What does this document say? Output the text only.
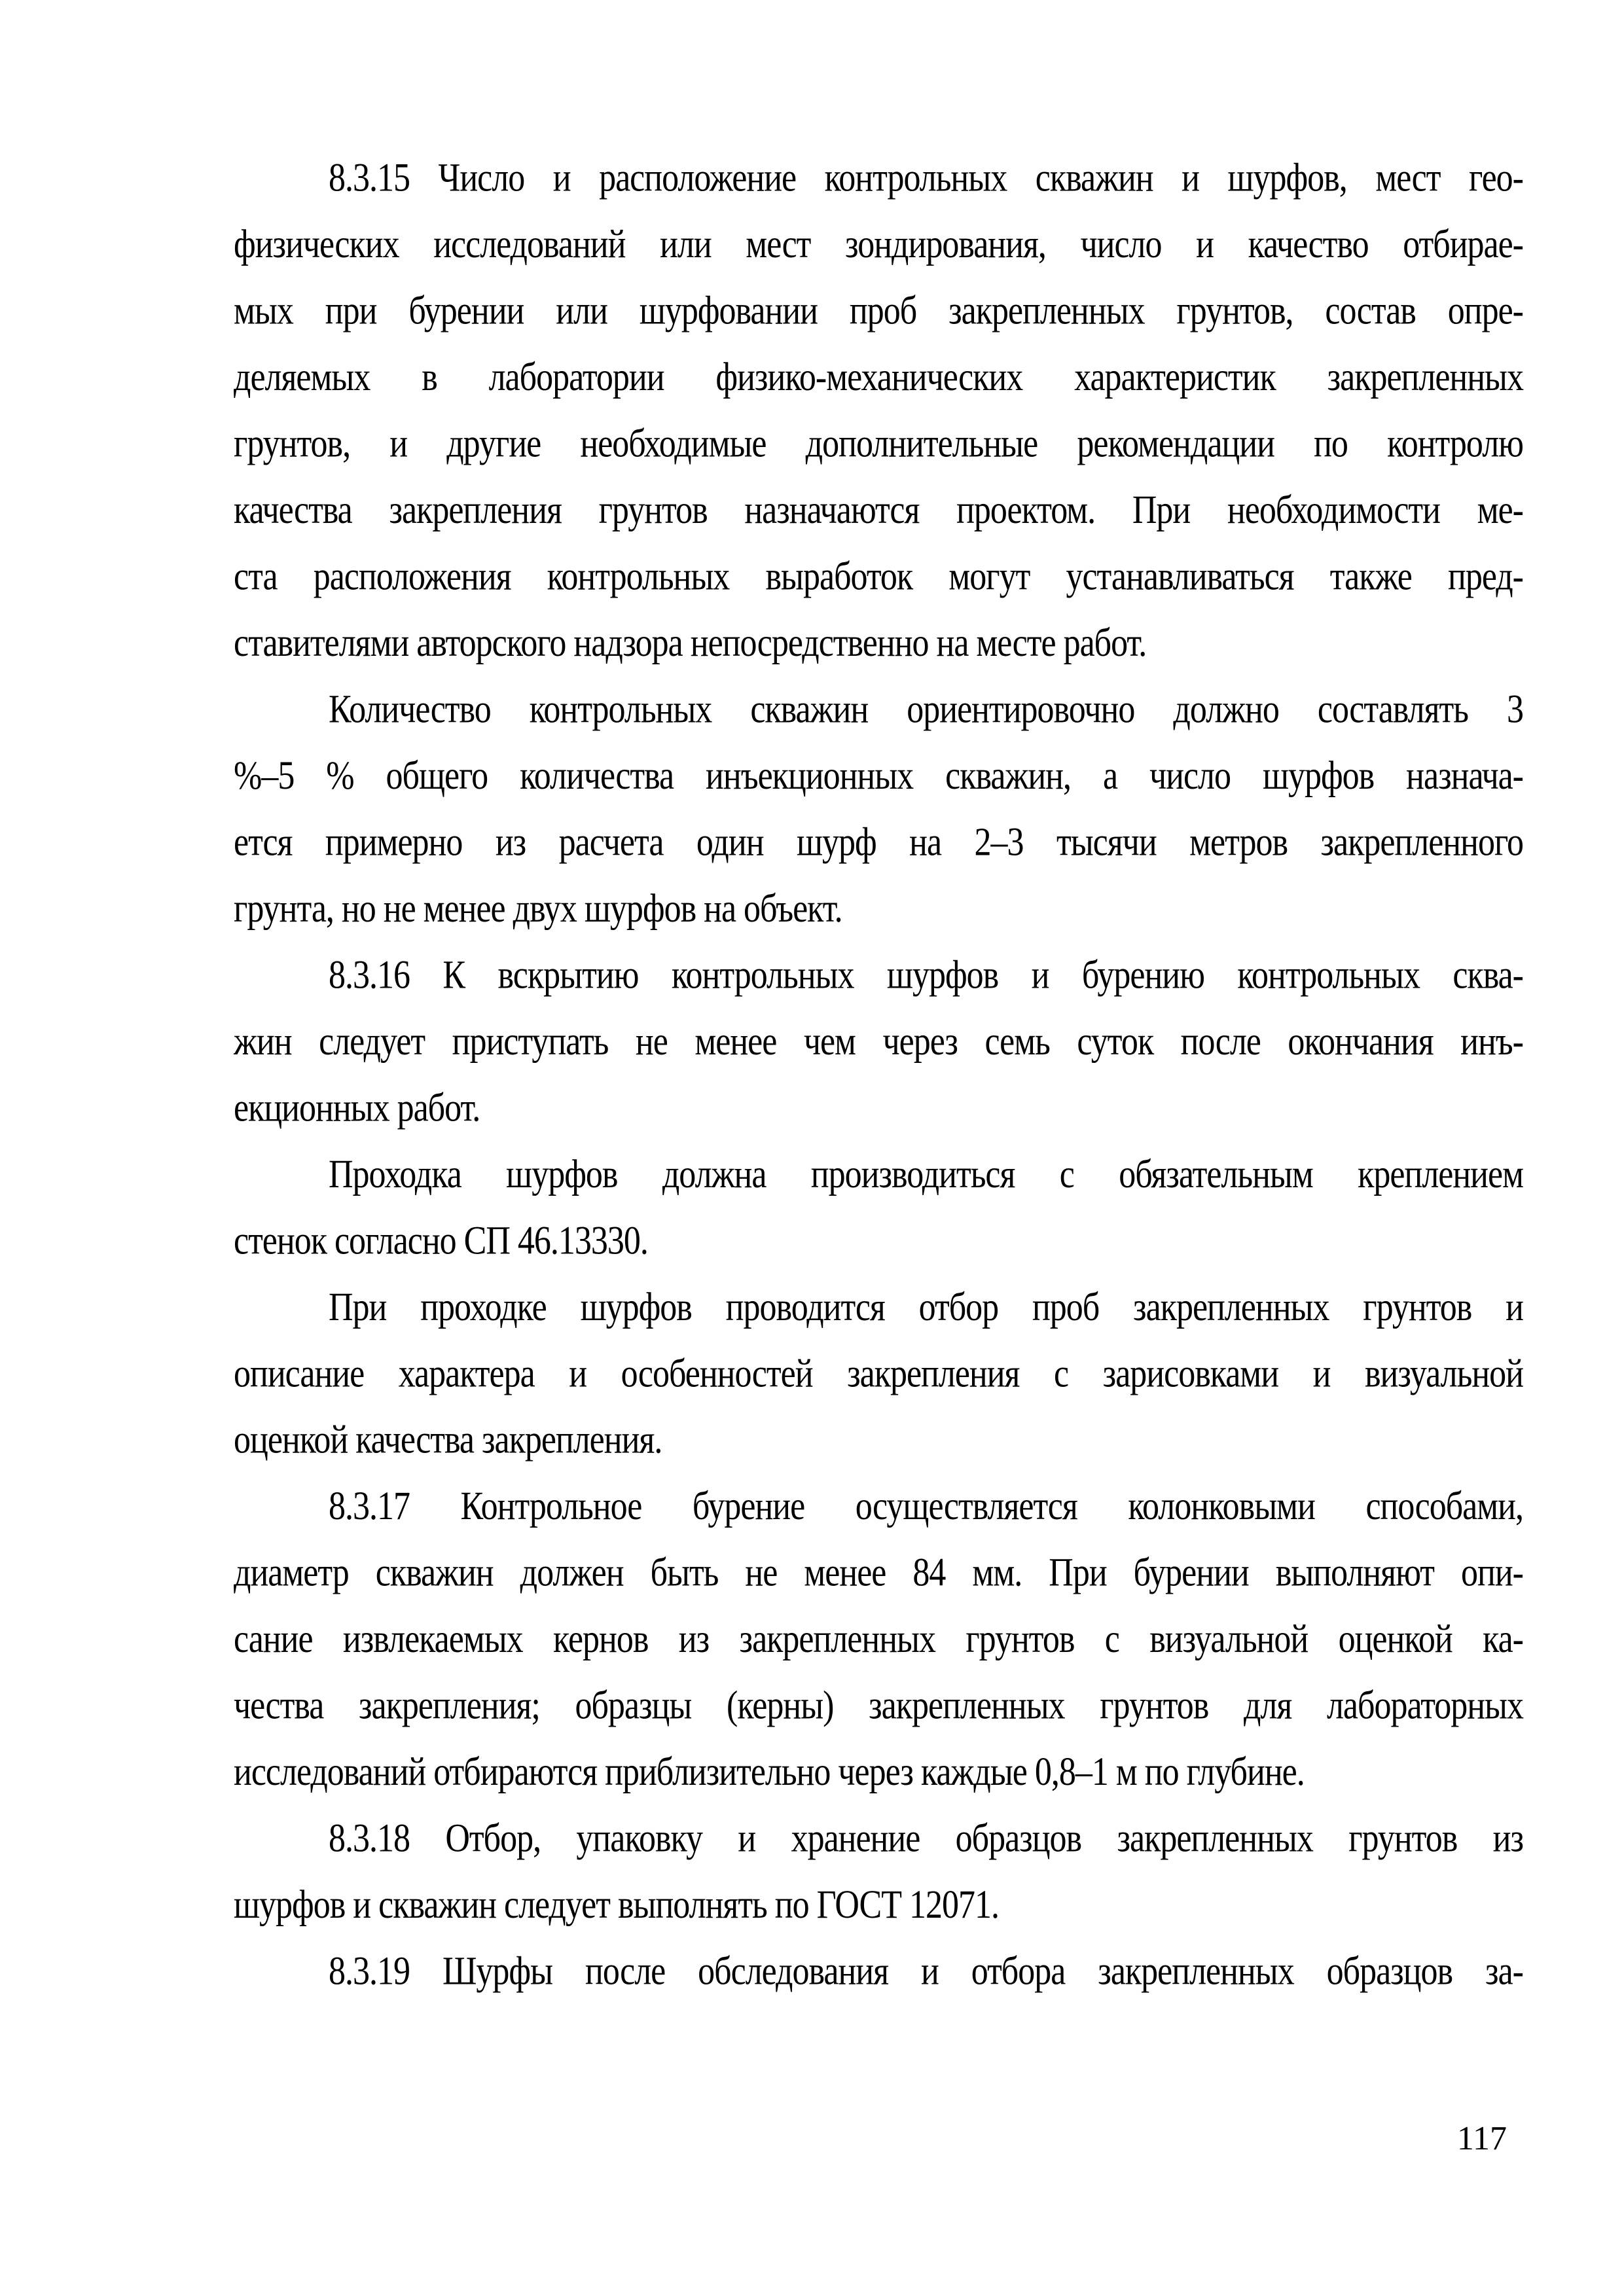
8.3.15 Число и расположение контрольных скважин и шурфов, мест гео-
физических исследований или мест зондирования, число и качество отбирае-
мых при бурении или шурфовании проб закрепленных грунтов, состав опре-
деляемых в лаборатории физико-механических характеристик закрепленных
грунтов, и другие необходимые дополнительные рекомендации по контролю
качества закрепления грунтов назначаются проектом. При необходимости ме-
ста расположения контрольных выработок могут устанавливаться также пред-
ставителями авторского надзора непосредственно на месте работ.
Количество контрольных скважин ориентировочно должно составлять 3
%–5 % общего количества инъекционных скважин, а число шурфов назнача-
ется примерно из расчета один шурф на 2–3 тысячи метров закрепленного
грунта, но не менее двух шурфов на объект.
8.3.16 К вскрытию контрольных шурфов и бурению контрольных сква-
жин следует приступать не менее чем через семь суток после окончания инъ-
екционных работ.
Проходка шурфов должна производиться с обязательным креплением
стенок согласно СП 46.13330.
При проходке шурфов проводится отбор проб закрепленных грунтов и
описание характера и особенностей закрепления с зарисовками и визуальной
оценкой качества закрепления.
8.3.17 Контрольное бурение осуществляется колонковыми способами,
диаметр скважин должен быть не менее 84 мм. При бурении выполняют опи-
сание извлекаемых кернов из закрепленных грунтов с визуальной оценкой ка-
чества закрепления; образцы (керны) закрепленных грунтов для лабораторных
исследований отбираются приблизительно через каждые 0,8–1 м по глубине.
8.3.18 Отбор, упаковку и хранение образцов закрепленных грунтов из
шурфов и скважин следует выполнять по ГОСТ 12071.
8.3.19 Шурфы после обследования и отбора закрепленных образцов за-
117
